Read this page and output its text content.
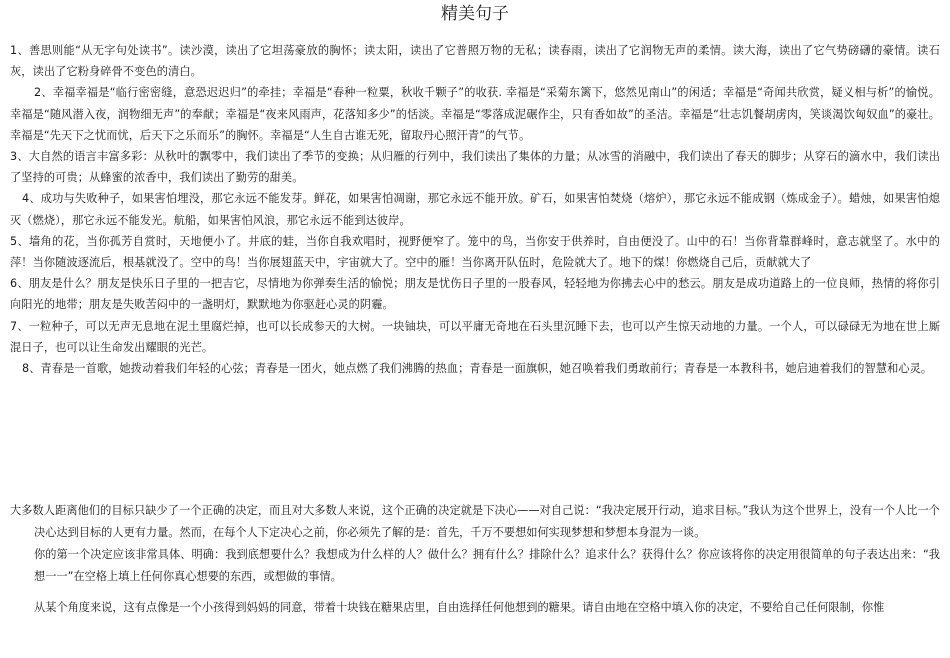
精美句子

1、善思则能“从无字句处读书”。读沙漠，读出了它坦荡豪放的胸怀；读太阳，读出了它普照万物的无私；读春雨，读出了它润物无声的柔情。读大海，读出了它气势磅礴的豪情。读石灰，读出了它粉身碎骨不变色的清白。

2、幸福幸福是“临行密密缝，意恐迟迟归”的牵挂；幸福是“春种一粒粟，秋收千颗子”的收获. 幸福是“采菊东篱下，悠然见南山”的闲适；幸福是“奇闻共欣赏，疑义相与析”的愉悦。幸福是“随风潜入夜，润物细无声”的奉献；幸福是“夜来风雨声，花落知多少”的恬淡。幸福是“零落成泥碾作尘，只有香如故”的圣洁。幸福是“壮志饥餐胡虏肉，笑谈渴饮匈奴血”的豪壮。幸福是“先天下之忧而忧，后天下之乐而乐”的胸怀。幸福是“人生自古谁无死，留取丹心照汗青”的气节。

3、大自然的语言丰富多彩：从秋叶的飘零中，我们读出了季节的变换；从归雁的行列中，我们读出了集体的力量；从冰雪的消融中，我们读出了春天的脚步；从穿石的滴水中，我们读出了坚持的可贵；从蜂蜜的浓香中，我们读出了勤劳的甜美。

4、成功与失败种子，如果害怕埋没，那它永远不能发芽。鲜花，如果害怕凋谢，那它永远不能开放。矿石，如果害怕焚烧（熔炉），那它永远不能成钢（炼成金子）。蜡烛，如果害怕熄灭（燃烧），那它永远不能发光。航船，如果害怕风浪，那它永远不能到达彼岸。

5、墙角的花，当你孤芳自赏时，天地便小了。井底的蛙，当你自我欢唱时，视野便窄了。笼中的鸟，当你安于供养时，自由便没了。山中的石！当你背靠群峰时，意志就坚了。水中的萍！当你随波逐流后，根基就没了。空中的鸟！当你展翅蓝天中，宇宙就大了。空中的雁！当你离开队伍时，危险就大了。地下的煤！你燃烧自己后，贡献就大了

6、朋友是什么？朋友是快乐日子里的一把吉它，尽情地为你弹奏生活的愉悦；朋友是忧伤日子里的一股春风，轻轻地为你拂去心中的愁云。朋友是成功道路上的一位良师，热情的将你引向阳光的地带；朋友是失败苦闷中的一盏明灯，默默地为你驱赶心灵的阴霾。

7、一粒种子，可以无声无息地在泥土里腐烂掉，也可以长成参天的大树。一块铀块，可以平庸无奇地在石头里沉睡下去，也可以产生惊天动地的力量。一个人，可以碌碌无为地在世上厮混日子，也可以让生命发出耀眼的光芒。

8、青春是一首歌，她拨动着我们年轻的心弦；青春是一团火，她点燃了我们沸腾的热血；青春是一面旗帜，她召唤着我们勇敢前行；青春是一本教科书，她启迪着我们的智慧和心灵。

大多数人距离他们的目标只缺少了一个正确的决定，而且对大多数人来说，这个正确的决定就是下决心——对自己说：“我决定展开行动，追求目标。”我认为这个世界上，没有一个人比一个决心达到目标的人更有力量。然而，在每个人下定决心之前，你必须先了解的是：首先，千万不要想如何实现梦想和梦想本身混为一谈。

你的第一个决定应该非常具体、明确：我到底想要什么？我想成为什么样的人？做什么？拥有什么？排除什么？追求什么？获得什么？你应该将你的决定用很简单的句子表达出来：“我想一一”在空格上填上任何你真心想要的东西，或想做的事情。

从某个角度来说，这有点像是一个小孩得到妈妈的同意，带着十块钱在糖果店里，自由选择任何他想到的糖果。请自由地在空格中填入你的决定，不要给自己任何限制，你惟
